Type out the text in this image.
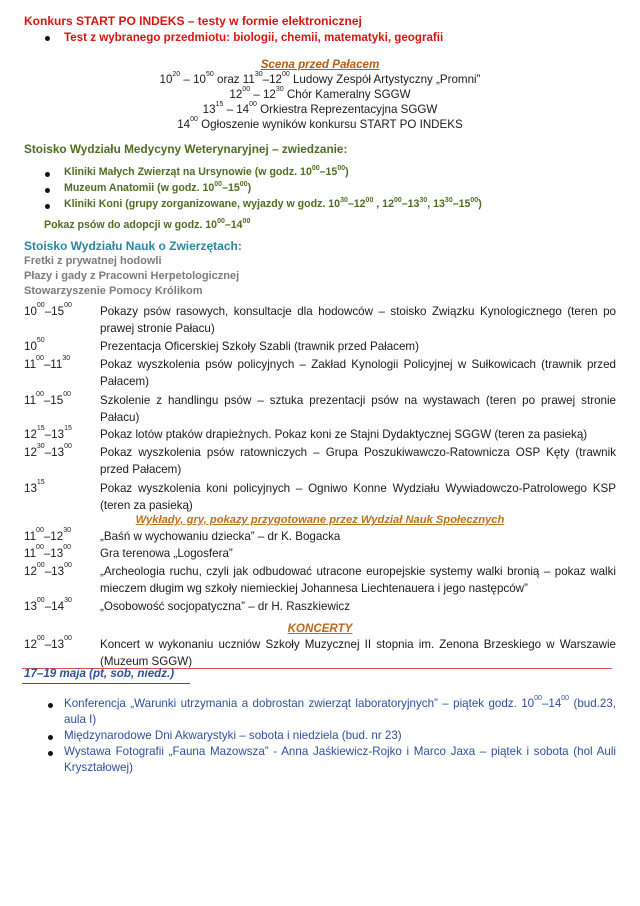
Konkurs START PO INDEKS – testy w formie elektronicznej
Test z wybranego przedmiotu: biologii, chemii, matematyki, geografii
Scena przed Pałacem
$10^{20} - 10^{50}$ oraz $11^{30}-12^{00}$ Ludowy Zespół Artystyczny „Promni”
$12^{00} - 12^{30}$ Chór Kameralny SGGW
$13^{15} - 14^{00}$ Orkiestra Reprezentacyjna SGGW
$14^{00}$ Ogłoszenie wyników konkursu START PO INDEKS
Stoisko Wydziału Medycyny Weterynaryjnej – zwiedzanie:
Kliniki Małych Zwierząt na Ursynowie (w godz. $10^{00}-15^{00}$)
Muzeum Anatomii (w godz. $10^{00}-15^{00}$)
Kliniki Koni (grupy zorganizowane, wyjazdy w godz. $10^{30}-12^{00}$ , $12^{00}-13^{30}$, $13^{30}-15^{00}$)
Pokaz psów do adopcji w godz. $10^{00}-14^{00}$
Stoisko Wydziału Nauk o Zwierzętach:
Fretki z prywatnej hodowli
Płazy i gady z Pracowni Herpetologicznej
Stowarzyszenie Pomocy Królikom
$10^{00}-15^{00}$	Pokazy psów rasowych, konsultacje dla hodowców – stoisko Związku Kynologicznego (teren po prawej stronie Pałacu)
$10^{50}$	Prezentacja Oficerskiej Szkoły Szabli (trawnik przed Pałacem)
$11^{00}-11^{30}$	Pokaz wyszkolenia psów policyjnych – Zakład Kynologii Policyjnej w Sułkowicach (trawnik przed Pałacem)
$11^{00}-15^{00}$	Szkolenie z handlingu psów – sztuka prezentacji psów na wystawach (teren po prawej stronie Pałacu)
$12^{15}-13^{15}$	Pokaz lotów ptaków drapieżnych. Pokaz koni ze Stajni Dydaktycznej SGGW (teren za pasieką)
$12^{30}-13^{00}$	Pokaz wyszkolenia psów ratowniczych – Grupa Poszukiwawczo-Ratownicza OSP Kęty (trawnik przed Pałacem)
$13^{15}$	Pokaz wyszkolenia koni policyjnych – Ogniwo Konne Wydziału Wywiadowczo-Patrolowego KSP (teren za pasieką)
Wykłady, gry, pokazy przygotowane przez Wydział Nauk Społecznych
$11^{00}-12^{30}$	„Baśń w wychowaniu dziecka” – dr K. Bogacka
$11^{00}-13^{00}$	Gra terenowa „Logosfera”
$12^{00}-13^{00}$	„Archeologia ruchu, czyli jak odbudować utracone europejskie systemy walki bronią – pokaz walki mieczem długim wg szkoły niemieckiej Johannesa Liechtenauera i jego następców”
$13^{00}-14^{30}$	„Osobowość socjopatyczna” – dr H. Raszkiewicz
KONCERTY
$12^{00}-13^{00}$	Koncert w wykonaniu uczniów Szkoły Muzycznej II stopnia im. Zenona Brzeskiego w Warszawie (Muzeum SGGW)
17–19 maja (pt, sob, niedz.)
Konferencja „Warunki utrzymania a dobrostan zwierząt laboratoryjnych” – piątek godz. $10^{00}-14^{00}$ (bud.23, aula I)
Międzynarodowe Dni Akwarystyki – sobota i niedziela (bud. nr 23)
Wystawa Fotografii „Fauna Mazowsza” - Anna Jaśkiewicz-Rojko i Marco Jaxa – piątek i sobota (hol Auli Kryształowej)
